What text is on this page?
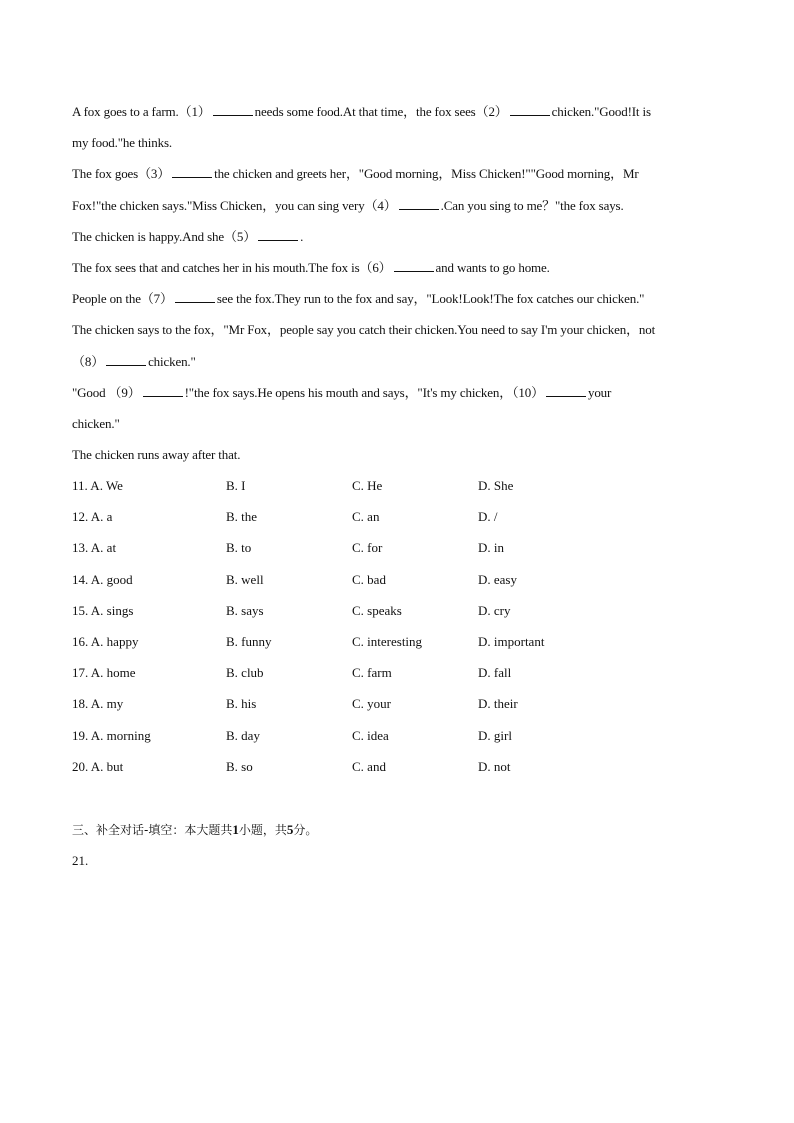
A fox goes to a farm.（1）	needs some food.At that time，the fox sees（2）	chicken."Good!It is
my food."he thinks.
The fox goes（3）	the chicken and greets her，"Good morning，Miss Chicken!""Good morning，Mr
Fox!"the chicken says."Miss Chicken，you can sing very（4）	.Can you sing to me？"the fox says.
The chicken is happy.And she（5）	.
The fox sees that and catches her in his mouth.The fox is（6）	and wants to go home.
People on the（7）	see the fox.They run to the fox and say，"Look!Look!The fox catches our chicken."
The chicken says to the fox，"Mr Fox，people say you catch their chicken.You need to say I'm your chicken，not
（8）	chicken."
"Good （9）	!"the fox says.He opens his mouth and says，"It's my chicken，（10）	your
chicken."
The chicken runs away after that.
11. A. We	B. I	C. He	D. She
12. A. a	B. the	C. an	D. /
13. A. at	B. to	C. for	D. in
14. A. good	B. well	C. bad	D. easy
15. A. sings	B. says	C. speaks	D. cry
16. A. happy	B. funny	C. interesting	D. important
17. A. home	B. club	C. farm	D. fall
18. A. my	B. his	C. your	D. their
19. A. morning	B. day	C. idea	D. girl
20. A. but	B. so	C. and	D. not
三、补全对话-填空：本大题共1小题，共5分。
21.
